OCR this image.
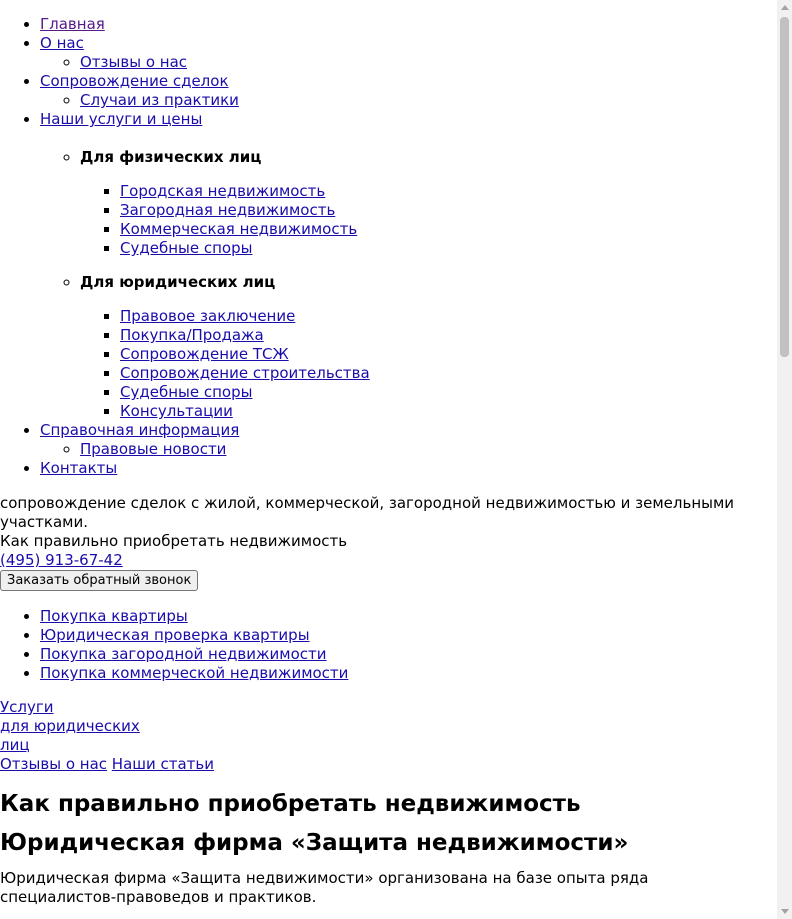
• Главная
• О нас
◦ Отзывы о нас
• Сопровождение сделок
◦ Случаи из практики
• Наши услуги и цены
◦ Для физических лиц
▪ Городская недвижимость
▪ Загородная недвижимость
▪ Коммерческая недвижимость
▪ Судебные споры
◦ Для юридических лиц
▪ Правовое заключение
▪ Покупка/Продажа
▪ Сопровождение ТСЖ
▪ Сопровождение строительства
▪ Судебные споры
▪ Консультации
• Справочная информация
◦ Правовые новости
• Контакты
сопровождение сделок с жилой, коммерческой, загородной недвижимостью и земельными участками.
Как правильно приобретать недвижимость
(495) 913-67-42
Заказать обратный звонок
• Покупка квартиры
• Юридическая проверка квартиры
• Покупка загородной недвижимости
• Покупка коммерческой недвижимости
Услуги
для юридических
лиц
Отзывы о нас Наши статьи
Как правильно приобретать недвижимость
Юридическая фирма «Защита недвижимости»

Юридическая фирма «Защита недвижимости» организована на базе опыта ряда специалистов-правоведов и практиков.
